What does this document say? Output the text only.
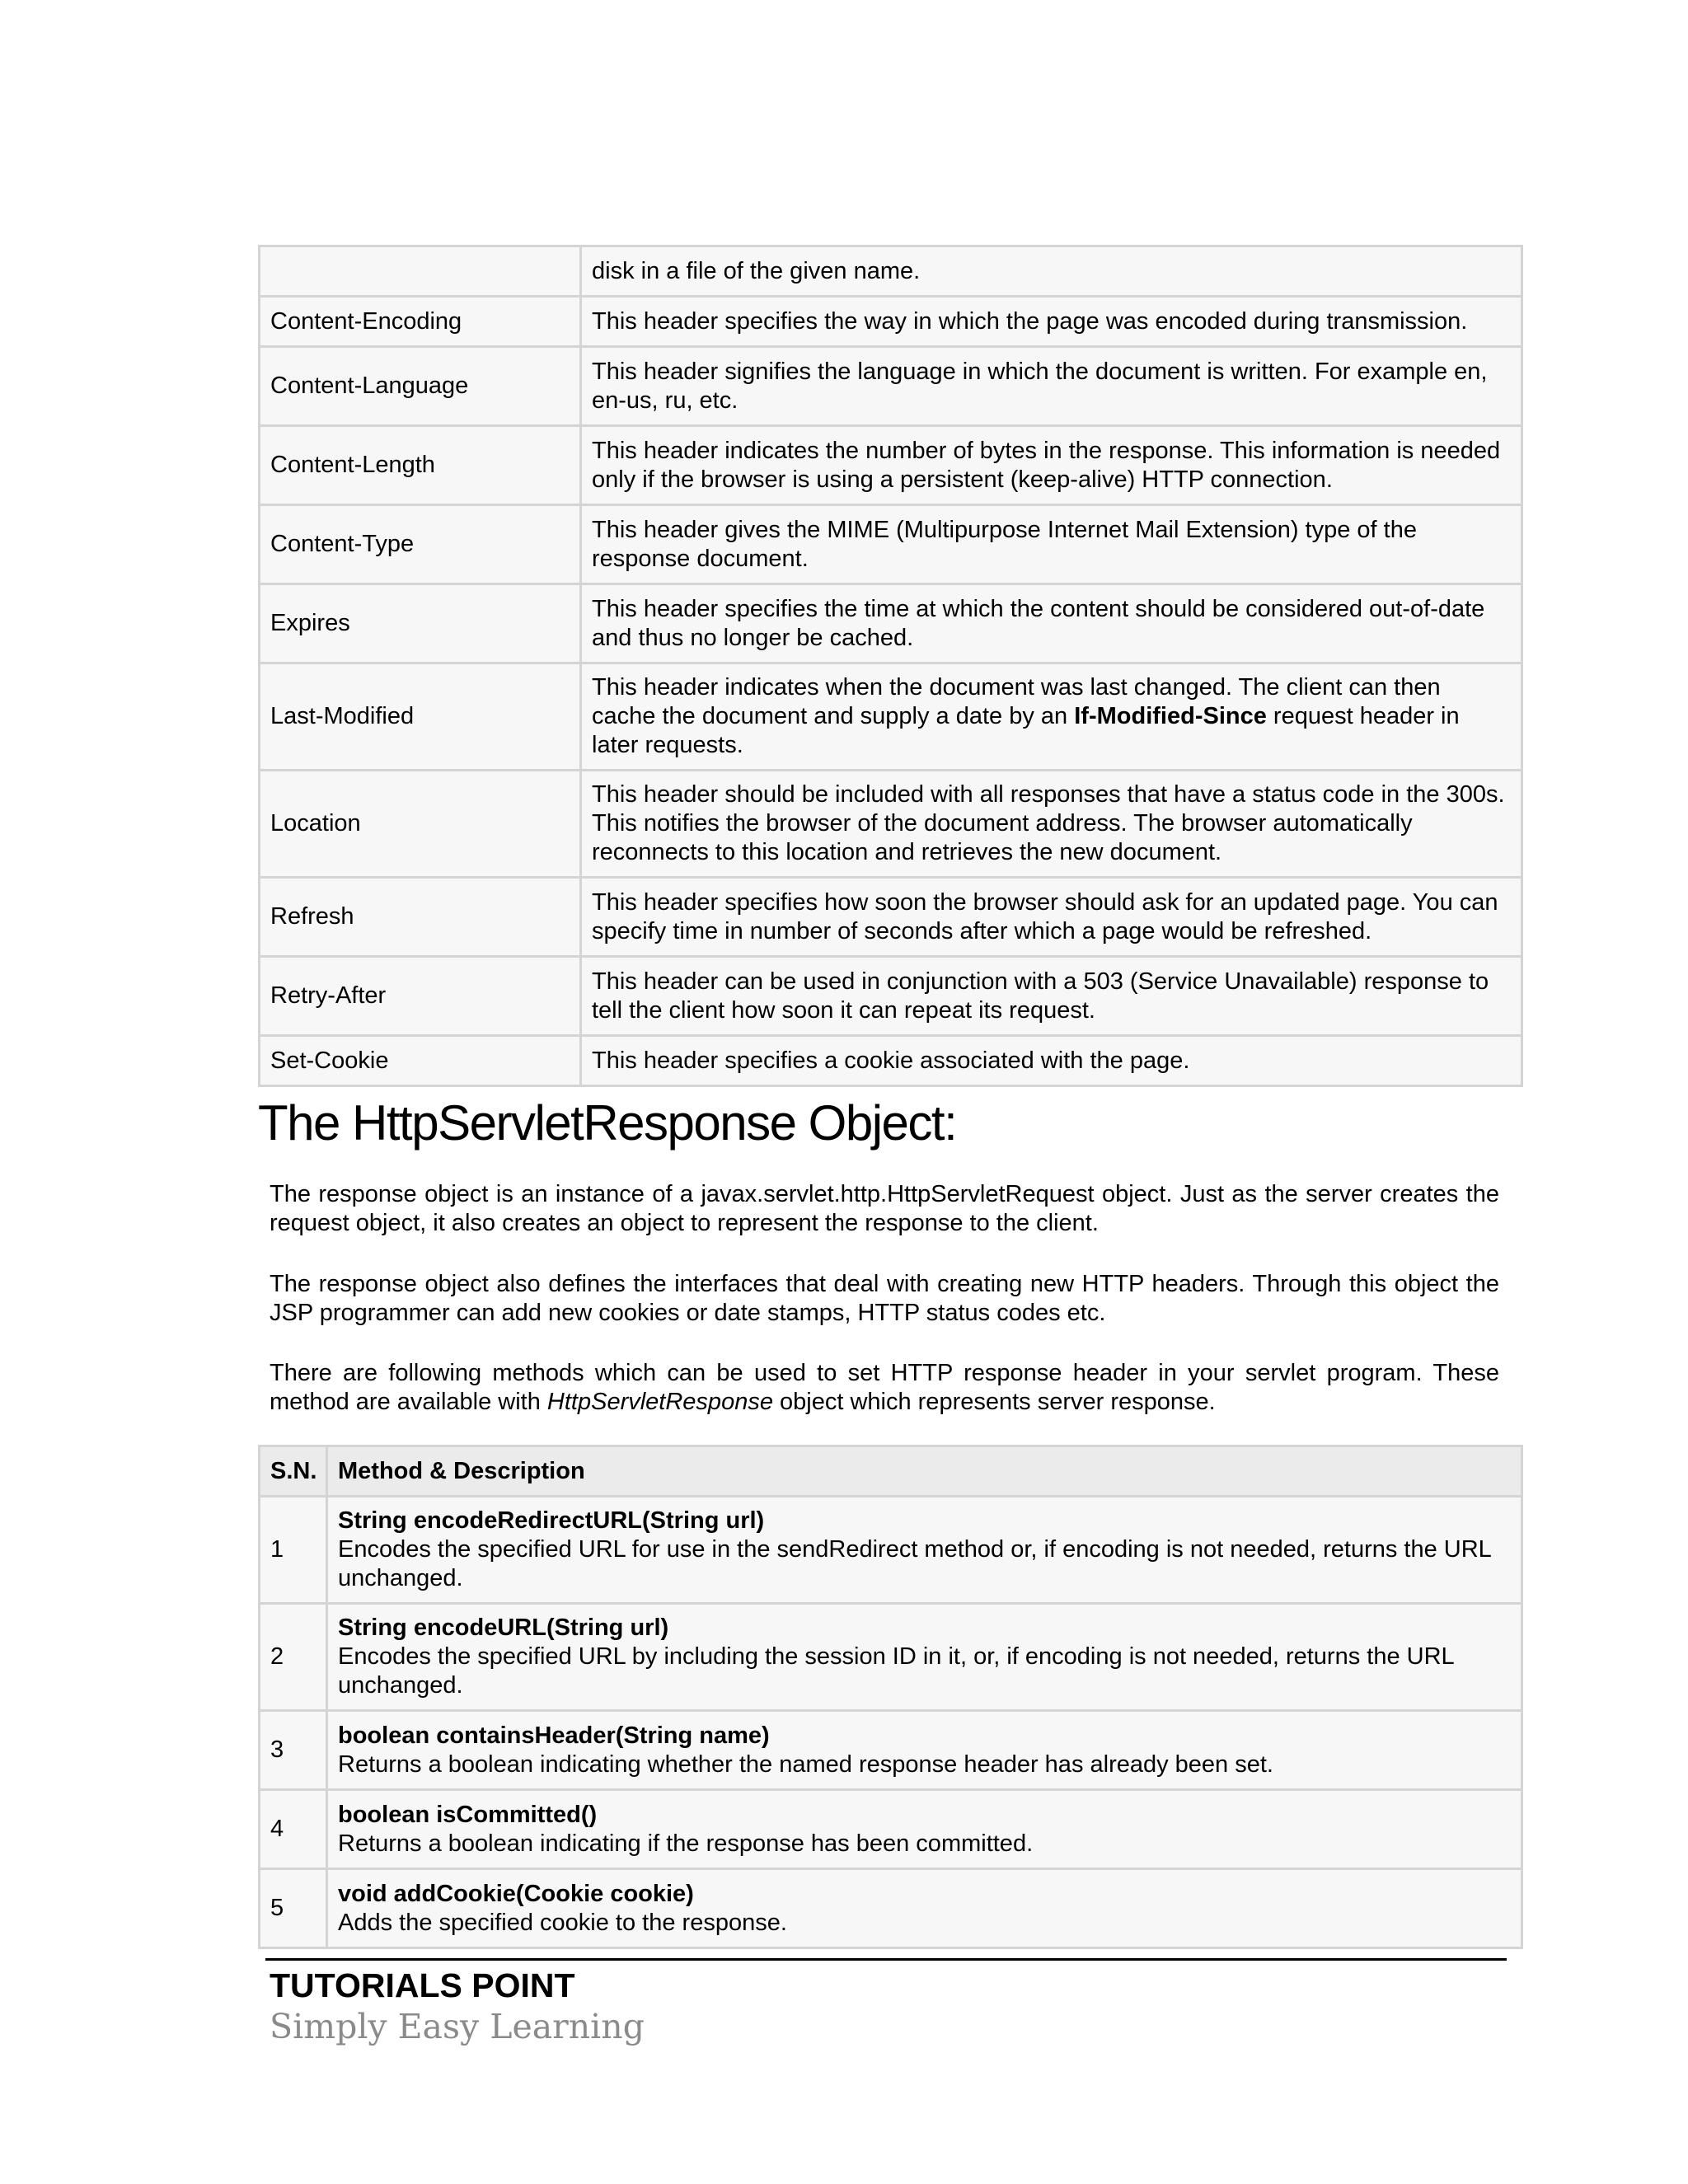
	disk in a file of the given name.
Content-Encoding	This header specifies the way in which the page was encoded during transmission.
Content-Language	This header signifies the language in which the document is written. For example en, en-us, ru, etc.
Content-Length	This header indicates the number of bytes in the response. This information is needed only if the browser is using a persistent (keep-alive) HTTP connection.
Content-Type	This header gives the MIME (Multipurpose Internet Mail Extension) type of the response document.
Expires	This header specifies the time at which the content should be considered out-of-date and thus no longer be cached.
Last-Modified	This header indicates when the document was last changed. The client can then cache the document and supply a date by an If-Modified-Since request header in later requests.
Location	This header should be included with all responses that have a status code in the 300s. This notifies the browser of the document address. The browser automatically reconnects to this location and retrieves the new document.
Refresh	This header specifies how soon the browser should ask for an updated page. You can specify time in number of seconds after which a page would be refreshed.
Retry-After	This header can be used in conjunction with a 503 (Service Unavailable) response to tell the client how soon it can repeat its request.
Set-Cookie	This header specifies a cookie associated with the page.
The HttpServletResponse Object:
The response object is an instance of a javax.servlet.http.HttpServletRequest object. Just as the server creates the request object, it also creates an object to represent the response to the client.
The response object also defines the interfaces that deal with creating new HTTP headers. Through this object the JSP programmer can add new cookies or date stamps, HTTP status codes etc.
There are following methods which can be used to set HTTP response header in your servlet program. These method are available with HttpServletResponse object which represents server response.
S.N.	Method & Description
1	String encodeRedirectURL(String url)
Encodes the specified URL for use in the sendRedirect method or, if encoding is not needed, returns the URL unchanged.

2	String encodeURL(String url)
Encodes the specified URL by including the session ID in it, or, if encoding is not needed, returns the URL unchanged.

3	boolean containsHeader(String name)
Returns a boolean indicating whether the named response header has already been set.

4	boolean isCommitted()
Returns a boolean indicating if the response has been committed.

5	void addCookie(Cookie cookie)
Adds the specified cookie to the response.
TUTORIALS POINT
Simply Easy Learning
